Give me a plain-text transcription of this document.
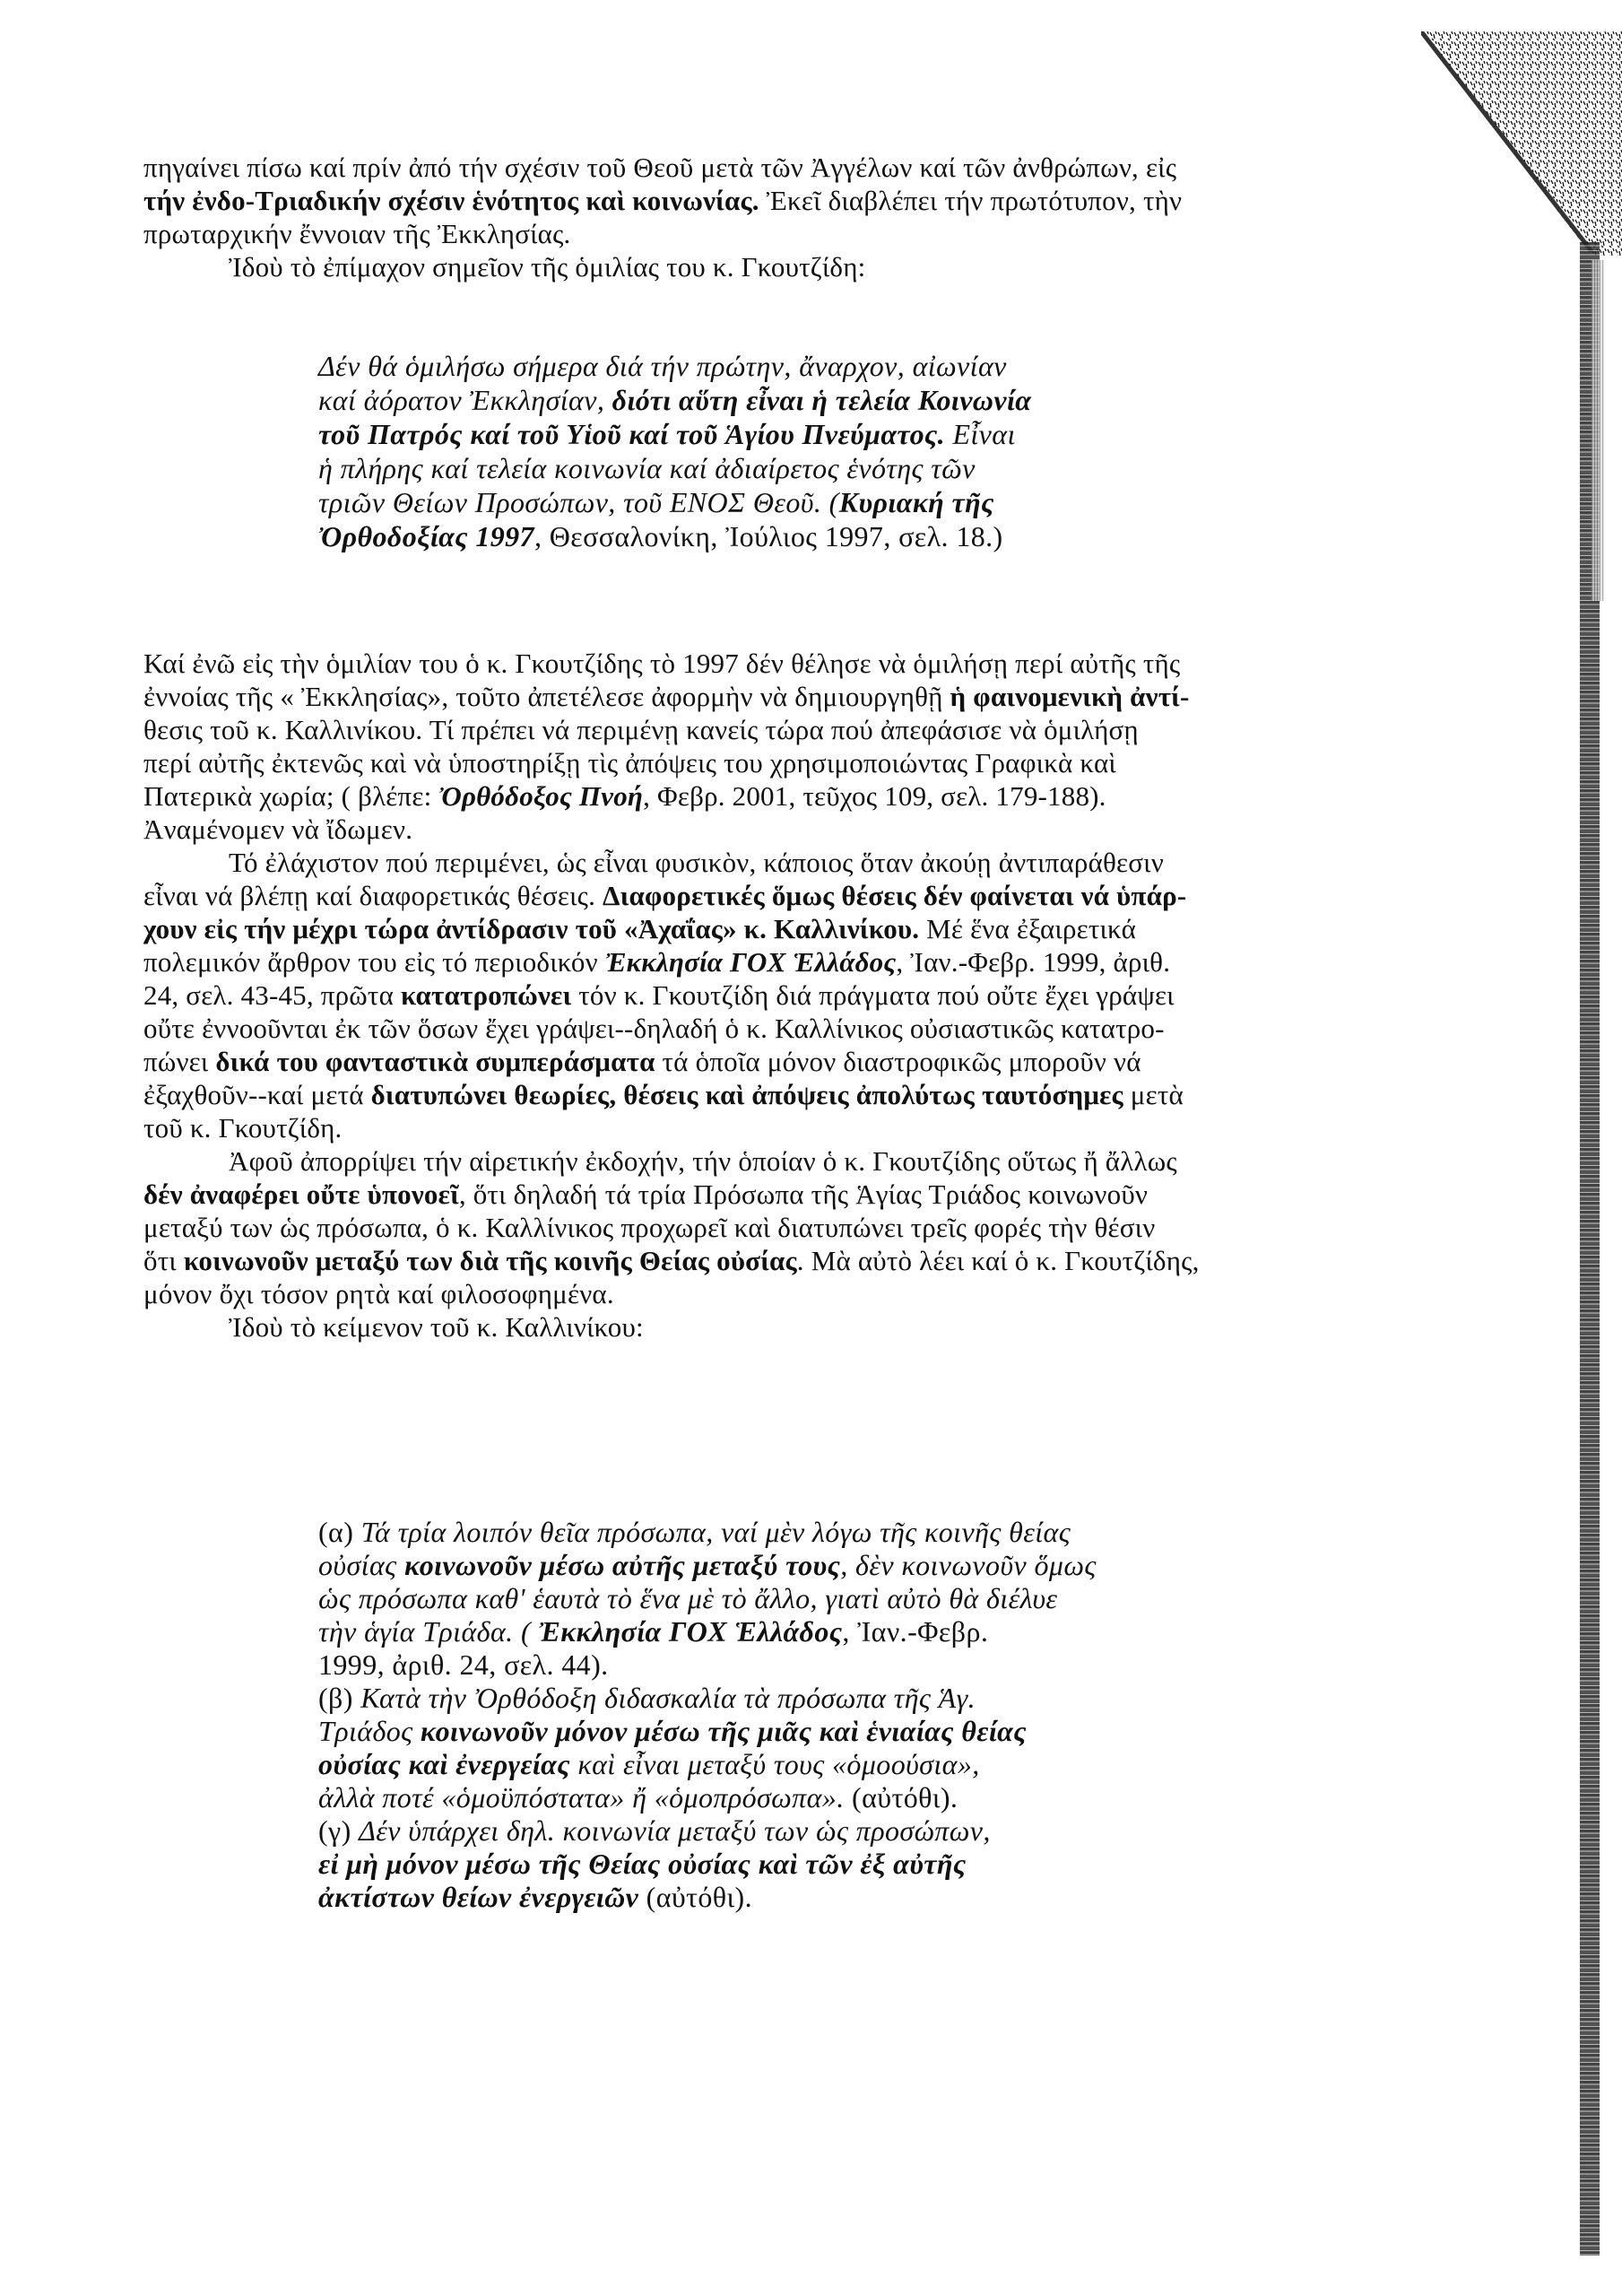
πηγαίνει πίσω καί πρίν ἀπό τήν σχέσιν τοῦ Θεοῦ μετὰ τῶν Ἀγγέλων καί τῶν ἀνθρώπων, εἰς
τήν ἐνδο-Τριαδικήν σχέσιν ἑνότητος καὶ κοινωνίας. Ἐκεῖ διαβλέπει τήν πρωτότυπον, τὴν
πρωταρχικήν ἔννοιαν τῆς Ἐκκλησίας.
Ἰδοὺ τὸ ἐπίμαχον σημεῖον τῆς ὁμιλίας του κ. Γκουτζίδη:
Δέν θά ὁμιλήσω σήμερα διά τήν πρώτην, ἄναρχον, αἰωνίαν
καί ἀόρατον Ἐκκλησίαν, διότι αὕτη εἶναι ἡ τελεία Κοινωνία
τοῦ Πατρός καί τοῦ Υἱοῦ καί τοῦ Ἁγίου Πνεύματος. Εἶναι
ἡ πλήρης καί τελεία κοινωνία καί ἀδιαίρετος ἑνότης τῶν
τριῶν Θείων Προσώπων, τοῦ ΕΝΟΣ Θεοῦ. (Κυριακή τῆς
Ὀρθοδοξίας 1997, Θεσσαλονίκη, Ἰούλιος 1997, σελ. 18.)
Καί ἐνῶ εἰς τὴν ὁμιλίαν του ὁ κ. Γκουτζίδης τὸ 1997 δέν θέλησε νὰ ὁμιλήσῃ περί αὐτῆς τῆς
ἐννοίας τῆς « Ἐκκλησίας», τοῦτο ἀπετέλεσε ἀφορμὴν νὰ δημιουργηθῇ ἡ φαινομενικὴ ἀντί-
θεσις τοῦ κ. Καλλινίκου. Τί πρέπει νά περιμένῃ κανείς τώρα πού ἀπεφάσισε νὰ ὁμιλήσῃ
περί αὐτῆς ἐκτενῶς καὶ νὰ ὑποστηρίξῃ τὶς ἀπόψεις του χρησιμοποιώντας Γραφικὰ καὶ
Πατερικὰ χωρία; ( βλέπε: Ὀρθόδοξος Πνοή, Φεβρ. 2001, τεῦχος 109, σελ. 179-188).
Ἀναμένομεν νὰ ἴδωμεν.
Τό ἐλάχιστον πού περιμένει, ὡς εἶναι φυσικὸν, κάποιος ὅταν ἀκούῃ ἀντιπαράθεσιν
εἶναι νά βλέπῃ καί διαφορετικάς θέσεις. Διαφορετικές ὅμως θέσεις δέν φαίνεται νά ὑπάρ-
χουν εἰς τήν μέχρι τώρα ἀντίδρασιν τοῦ «Ἀχαΐας» κ. Καλλινίκου. Μέ ἕνα ἐξαιρετικά
πολεμικόν ἄρθρον του εἰς τό περιοδικόν Ἐκκλησία ΓΟΧ Ἑλλάδος, Ἰαν.-Φεβρ. 1999, ἀριθ.
24, σελ. 43-45, πρῶτα κατατροπώνει τόν κ. Γκουτζίδη διά πράγματα πού οὔτε ἔχει γράψει
οὔτε ἐννοοῦνται ἐκ τῶν ὅσων ἔχει γράψει--δηλαδή ὁ κ. Καλλίνικος οὐσιαστικῶς κατατρο-
πώνει δικά του φανταστικὰ συμπεράσματα τά ὁποῖα μόνον διαστροφικῶς μποροῦν νά
ἐξαχθοῦν--καί μετά διατυπώνει θεωρίες, θέσεις καὶ ἀπόψεις ἀπολύτως ταυτόσημες μετὰ
τοῦ κ. Γκουτζίδη.
Ἀφοῦ ἀπορρίψει τήν αἱρετικήν ἐκδοχήν, τήν ὁποίαν ὁ κ. Γκουτζίδης οὕτως ἤ ἄλλως
δέν ἀναφέρει οὔτε ὑπονοεῖ, ὅτι δηλαδή τά τρία Πρόσωπα τῆς Ἁγίας Τριάδος κοινωνοῦν
μεταξύ των ὡς πρόσωπα, ὁ κ. Καλλίνικος προχωρεῖ καὶ διατυπώνει τρεῖς φορές τὴν θέσιν
ὅτι κοινωνοῦν μεταξύ των διὰ τῆς κοινῆς Θείας οὐσίας. Μὰ αὐτὸ λέει καί ὁ κ. Γκουτζίδης,
μόνον ὄχι τόσον ρητὰ καί φιλοσοφημένα.
Ἰδοὺ τὸ κείμενον τοῦ κ. Καλλινίκου:
(α) Τά τρία λοιπόν θεῖα πρόσωπα, ναί μὲν λόγω τῆς κοινῆς θείας
οὐσίας κοινωνοῦν μέσω αὐτῆς μεταξύ τους, δὲν κοινωνοῦν ὅμως
ὡς πρόσωπα καθ' ἑαυτὰ τὸ ἕνα μὲ τὸ ἄλλο, γιατὶ αὐτὸ θὰ διέλυε
τὴν ἁγία Τριάδα. ( Ἐκκλησία ΓΟΧ Ἑλλάδος, Ἰαν.-Φεβρ.
1999, ἀριθ. 24, σελ. 44).
(β) Κατὰ τὴν Ὀρθόδοξη διδασκαλία τὰ πρόσωπα τῆς Ἁγ.
Τριάδος κοινωνοῦν μόνον μέσω τῆς μιᾶς καὶ ἑνιαίας θείας
οὐσίας καὶ ἐνεργείας καὶ εἶναι μεταξύ τους «ὁμοούσια»,
ἀλλὰ ποτέ «ὁμοϋπόστατα» ἤ «ὁμοπρόσωπα». (αὐτόθι).
(γ) Δέν ὑπάρχει δηλ. κοινωνία μεταξύ των ὡς προσώπων,
εἰ μὴ μόνον μέσω τῆς Θείας οὐσίας καὶ τῶν ἐξ αὐτῆς
ἀκτίστων θείων ἐνεργειῶν (αὐτόθι).
